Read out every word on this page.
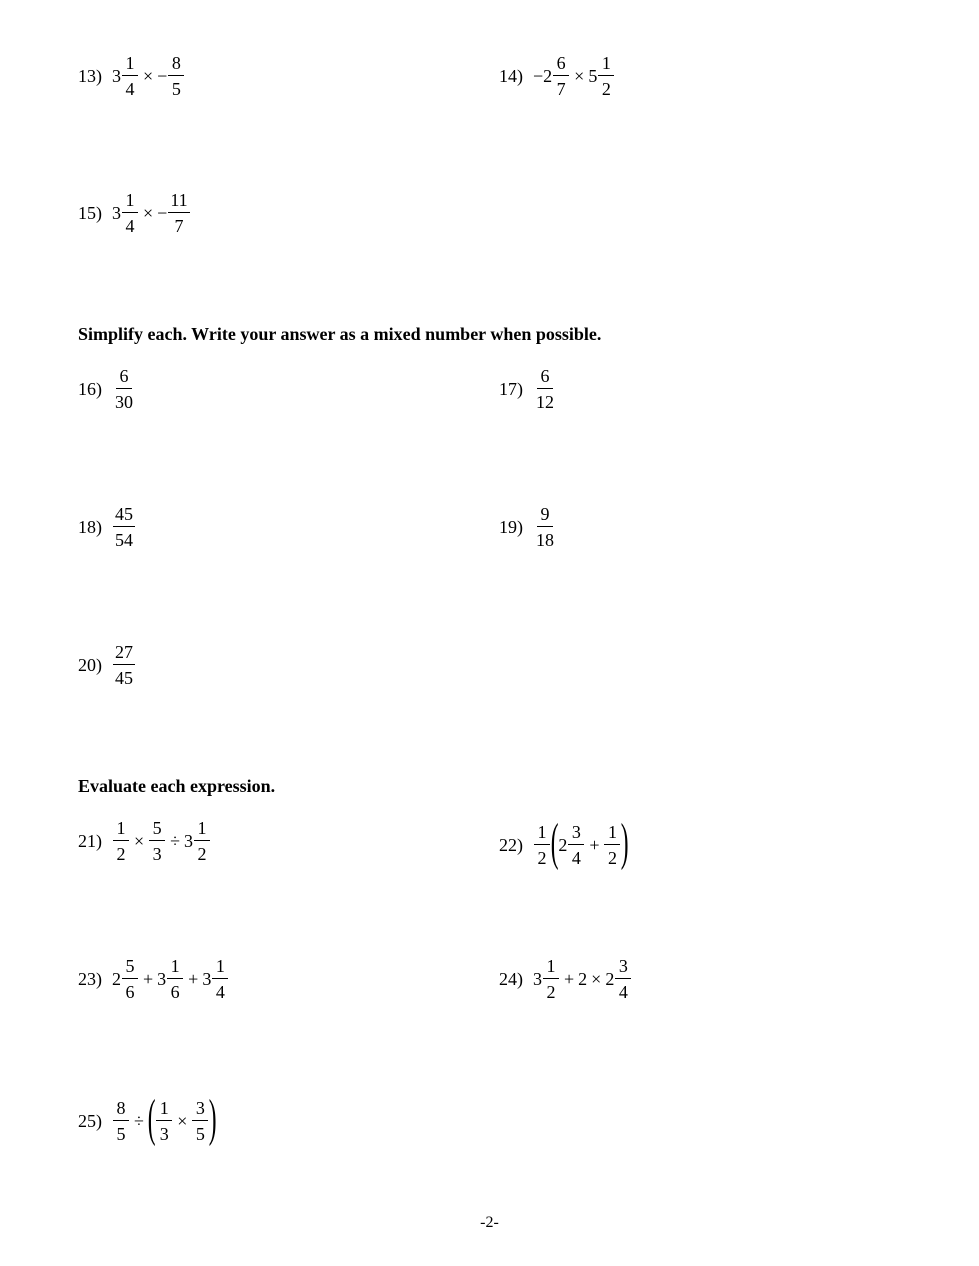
13) $3 \frac{1}{4}$ × − $\frac{8}{5}$	$14) -2 \frac{6}{7} \times 5 \frac{1}{2}$
15) $3 \frac{1}{4}$ × − $\frac{11}{7}$
Simplify each. Write your answer as a mixed number when possible.
$16) \frac{6}{30}$	$17) \frac{6}{12}$
$18) \frac{45}{54}$	$19) \frac{9}{18}$
$20) \frac{27}{45}$
Evaluate each expression.
$21) \frac{1}{2} \times \frac{5}{3} \div 3 \frac{1}{2}$	$22) \frac{1}{2}$ ( $2 \frac{3}{4} + \frac{1}{2}$ )
23) $2 \frac{5}{6} + 3 \frac{1}{6} + 3 \frac{1}{4}$	24) $3 \frac{1}{2} + 2 \times 2 \frac{3}{4}$
$25) \frac{8}{5}$ ÷ ( $\frac{1}{3} \times \frac{3}{5}$ )
-2-
